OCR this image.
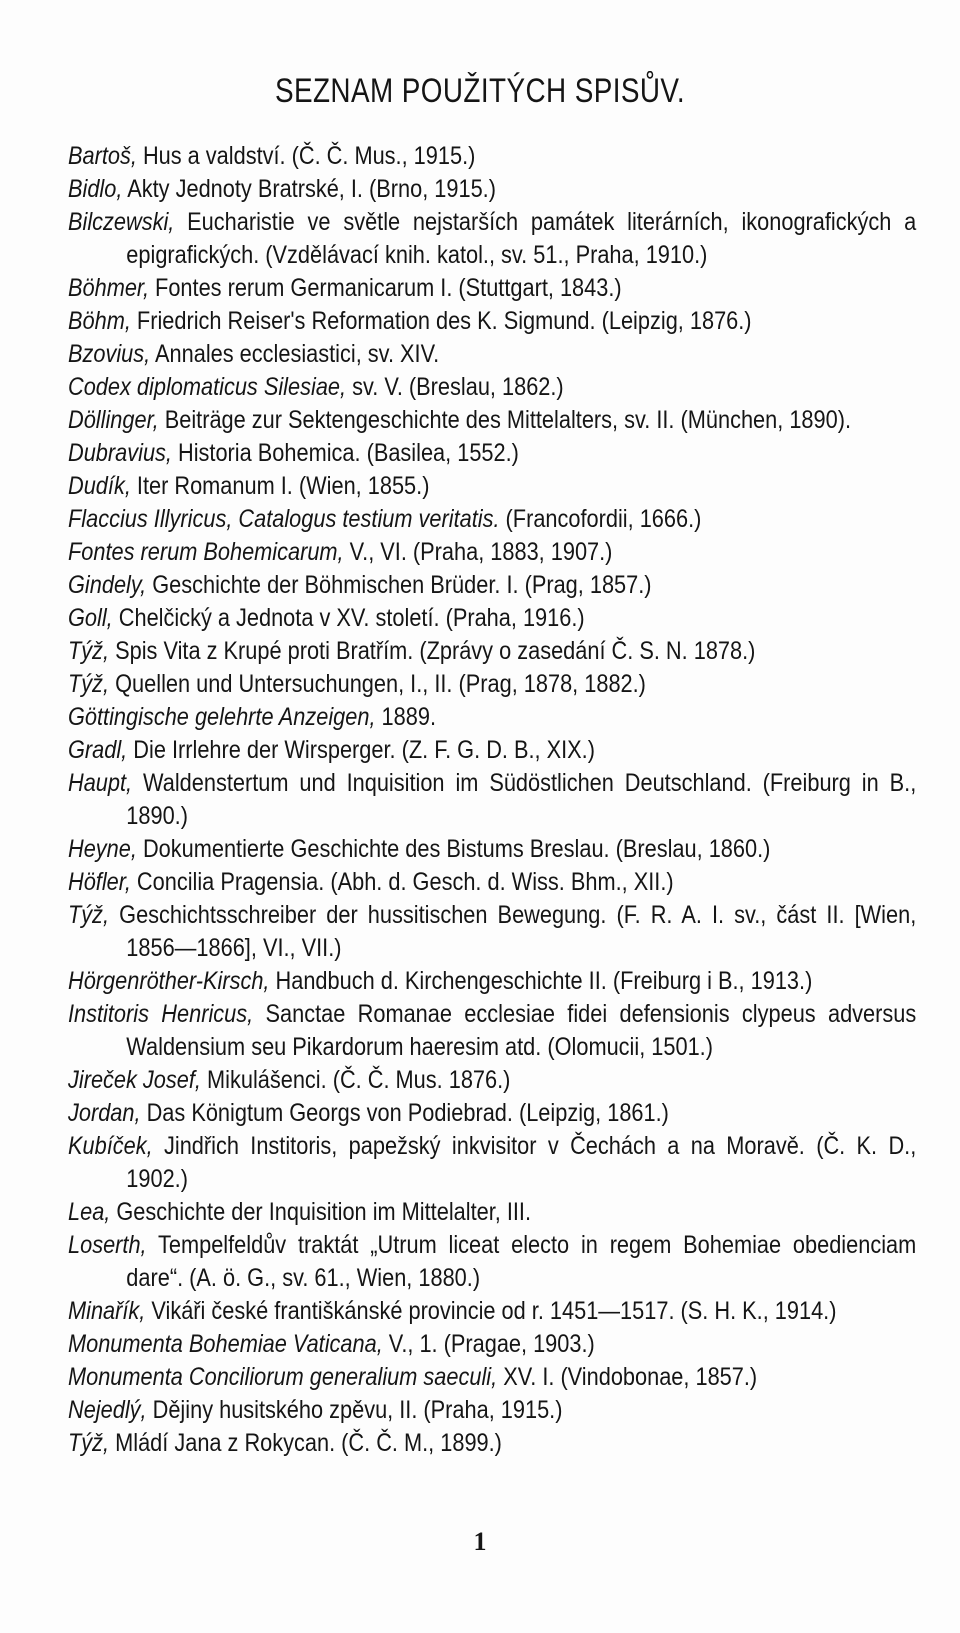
SEZNAM POUŽITÝCH SPISŮV.
Bartoš, Hus a valdství. (Č. Č. Mus., 1915.)
Bidlo, Akty Jednoty Bratrské, I. (Brno, 1915.)
Bilczewski, Eucharistie ve světle nejstarších památek literárních, ikonografických a epigrafických. (Vzdělávací knih. katol., sv. 51., Praha, 1910.)
Böhmer, Fontes rerum Germanicarum I. (Stuttgart, 1843.)
Böhm, Friedrich Reiser's Reformation des K. Sigmund. (Leipzig, 1876.)
Bzovius, Annales ecclesiastici, sv. XIV.
Codex diplomaticus Silesiae, sv. V. (Breslau, 1862.)
Döllinger, Beiträge zur Sektengeschichte des Mittelalters, sv. II. (München, 1890).
Dubravius, Historia Bohemica. (Basilea, 1552.)
Dudík, Iter Romanum I. (Wien, 1855.)
Flaccius Illyricus, Catalogus testium veritatis. (Francofordii, 1666.)
Fontes rerum Bohemicarum, V., VI. (Praha, 1883, 1907.)
Gindely, Geschichte der Böhmischen Brüder. I. (Prag, 1857.)
Goll, Chelčický a Jednota v XV. století. (Praha, 1916.)
Týž, Spis Vita z Krupé proti Bratřím. (Zprávy o zasedání Č. S. N. 1878.)
Týž, Quellen und Untersuchungen, I., II. (Prag, 1878, 1882.)
Göttingische gelehrte Anzeigen, 1889.
Gradl, Die Irrlehre der Wirsperger. (Z. F. G. D. B., XIX.)
Haupt, Waldenstertum und Inquisition im Südöstlichen Deutschland. (Freiburg in B., 1890.)
Heyne, Dokumentierte Geschichte des Bistums Breslau. (Breslau, 1860.)
Höfler, Concilia Pragensia. (Abh. d. Gesch. d. Wiss. Bhm., XII.)
Týž, Geschichtsschreiber der hussitischen Bewegung. (F. R. A. I. sv., část II. [Wien, 1856—1866], VI., VII.)
Hörgenröther-Kirsch, Handbuch d. Kirchengeschichte II. (Freiburg i B., 1913.)
Institoris Henricus, Sanctae Romanae ecclesiae fidei defensionis clypeus adversus Waldensium seu Pikardorum haeresim atd. (Olomucii, 1501.)
Jireček Josef, Mikulášenci. (Č. Č. Mus. 1876.)
Jordan, Das Königtum Georgs von Podiebrad. (Leipzig, 1861.)
Kubíček, Jindřich Institoris, papežský inkvisitor v Čechách a na Moravě. (Č. K. D., 1902.)
Lea, Geschichte der Inquisition im Mittelalter, III.
Loserth, Tempelfeldův traktát „Utrum liceat electo in regem Bohemiae obedienciam dare“. (A. ö. G., sv. 61., Wien, 1880.)
Minařík, Vikáři české františkánské provincie od r. 1451—1517. (S. H. K., 1914.)
Monumenta Bohemiae Vaticana, V., 1. (Pragae, 1903.)
Monumenta Conciliorum generalium saeculi, XV. I. (Vindobonae, 1857.)
Nejedlý, Dějiny husitského zpěvu, II. (Praha, 1915.)
Týž, Mládí Jana z Rokycan. (Č. Č. M., 1899.)
1
